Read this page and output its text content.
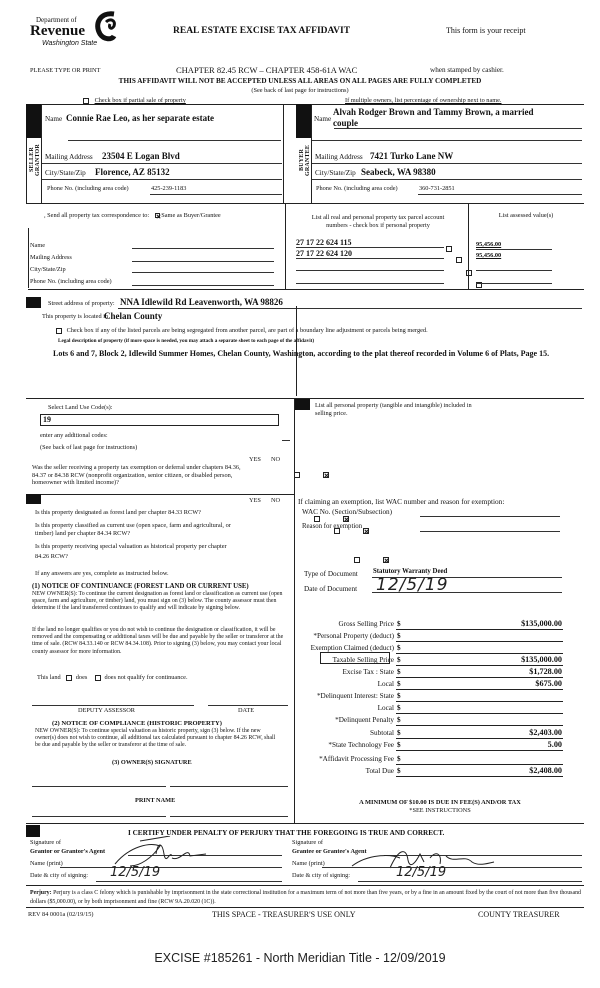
Department of
Revenue
Washington State
REAL ESTATE EXCISE TAX AFFIDAVIT	This form is your receipt
PLEASE TYPE OR PRINT	CHAPTER 82.45 RCW – CHAPTER 458-61A WAC	when stamped by cashier.
THIS AFFIDAVIT WILL NOT BE ACCEPTED UNLESS ALL AREAS ON ALL PAGES ARE FULLY COMPLETED
(See back of last page for instructions)
Check box if partial sale of property	If multiple owners, list percentage of ownership next to name.
SELLER GRANTOR
Name Connie Rae Leo, as her separate estate
Mailing Address 23504 E Logan Blvd
City/State/Zip Florence, AZ 85132
Phone No. (including area code)	425-239-1183
BUYER GRANTEE
Name
Alvah Rodger Brown and Tammy Brown, a married
couple
Mailing Address 7421 Turko Lane NW
City/State/Zip Seabeck, WA 98380
Phone No. (including area code)	360-731-2851
, Send all property tax correspondence to: Same as Buyer/Grantee
Name
Mailing Address
City/State/Zip
Phone No. (including area code)
List all real and personal property tax parcel account
numbers - check box if personal property
List assessed value(s)
27 17 22 624 115
	95,456.00
27 17 22 624 120
	95,456.00

Street address of property: NNA Idlewild Rd Leavenworth, WA 98826
This property is located in
Chelan County
Check box if any of the listed parcels are being segregated from another parcel, are part of a boundary line adjustment or parcels being merged.
Legal description of property (if more space is needed, you may attach a separate sheet to each page of the affidavit)
Lots 6 and 7, Block 2, Idlewild Summer Homes, Chelan County, Washington, according to the plat thereof recorded in Volume 6 of Plats, Page 15.
Select Land Use Code(s):
19
enter any additional codes:
(See back of last page for instructions)
YES NO
Was the seller receiving a property tax exemption or deferral under chapters 84.36, 84.37 or 84.38 RCW (nonprofit organization, senior citizen, or disabled person, homeowner with limited income)?

YES NO
Is this property designated as forest land per chapter 84.33 RCW?

Is this property classified as current use (open space, farm and agricultural, or timber) land per chapter 84.34 RCW?

Is this property receiving special valuation as historical property per chapter 84.26 RCW?

If any answers are yes, complete as instructed below.
(1) NOTICE OF CONTINUANCE (FOREST LAND OR CURRENT USE)
NEW OWNER(S): To continue the current designation as forest land or classification as current use (open space, farm and agriculture, or timber) land, you must sign on (3) below. The county assessor must then determine if the land transferred continues to qualify and will indicate by signing below.
If the land no longer qualifies or you do not wish to continue the designation or classification, it will be removed and the compensating or additional taxes will be due and payable by the seller or transferor at the time of sale. (RCW 84.33.140 or RCW 84.34.108). Prior to signing (3) below, you may contact your local county assessor for more information.
This land does	does not qualify for continuance.
DEPUTY ASSESSOR	DATE
(2) NOTICE OF COMPLIANCE (HISTORIC PROPERTY)
NEW OWNER(S): To continue special valuation as historic property, sign (3) below. If the new owner(s) does not wish to continue, all additional tax calculated pursuant to chapter 84.26 RCW, shall be due and payable by the seller or transferor at the time of sale.
(3) OWNER(S) SIGNATURE
PRINT NAME
List all personal property (tangible and intangible) included in selling price.
If claiming an exemption, list WAC number and reason for exemption:
WAC No. (Section/Subsection)
Reason for exemption
Type of Document Statutory Warranty Deed
Date of Document 12/5/19
Gross Selling Price $	$135,000.00
*Personal Property (deduct) $
Exemption Claimed (deduct) $
Taxable Selling Price $	$135,000.00
Excise Tax : State $	$1,728.00
Local $	$675.00
*Delinquent Interest: State $
Local $
*Delinquent Penalty $
Subtotal $	$2,403.00
*State Technology Fee $	5.00
*Affidavit Processing Fee $
Total Due $	$2,408.00
A MINIMUM OF $10.00 IS DUE IN FEE(S) AND/OR TAX
*SEE INSTRUCTIONS
I CERTIFY UNDER PENALTY OF PERJURY THAT THE FOREGOING IS TRUE AND CORRECT.
Signature of
Grantor or Grantor's Agent
Name (print)
Date & city of signing: 12/5/19
Signature of
Grantee or Grantee's Agent
Name (print)
Date & city of signing:	12/5/19
Perjury: Perjury is a class C felony which is punishable by imprisonment in the state correctional institution for a maximum term of not more than five years, or by a fine in an amount fixed by the court of not more than five thousand dollars ($5,000.00), or by both imprisonment and fine (RCW 9A.20.020 (1C)).
REV 84 0001a (02/19/15)	THIS SPACE - TREASURER'S USE ONLY	COUNTY TREASURER
EXCISE #185261 - North Meridian Title - 12/09/2019
